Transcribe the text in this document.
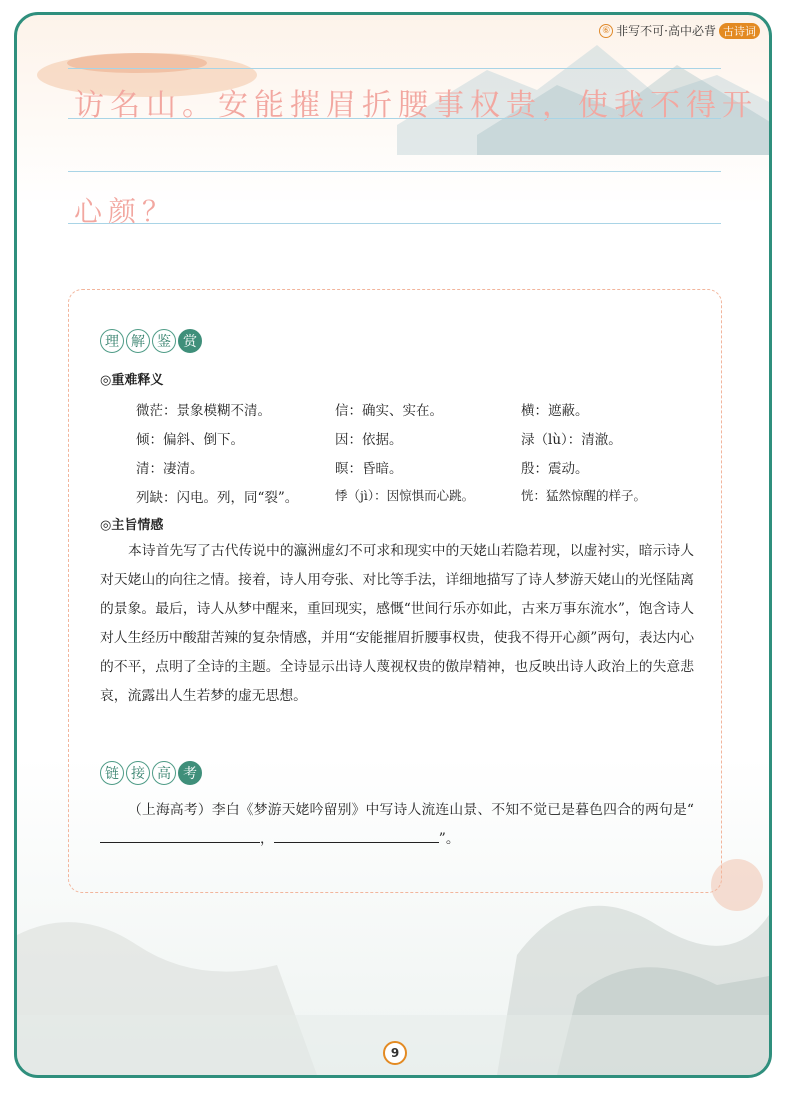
⑥ 非写不可·高中必背 古诗词
访名山。安能摧眉折腰事权贵，使我不得开
心颜？
理 解 鉴 赏
◎重难释义
微茫：景象模糊不清。	信：确实、实在。	横：遮蔽。
倾：偏斜、倒下。	因：依据。	渌（lù）：清澈。
清：凄清。	暝：昏暗。	殷：震动。
列缺：闪电。列，同“裂”。	悸（jì）：因惊惧而心跳。	恍：猛然惊醒的样子。
◎主旨情感
本诗首先写了古代传说中的瀛洲虚幻不可求和现实中的天姥山若隐若现，以虚衬实，暗示诗人对天姥山的向往之情。接着，诗人用夸张、对比等手法，详细地描写了诗人梦游天姥山的光怪陆离的景象。最后，诗人从梦中醒来，重回现实，感慨“世间行乐亦如此，古来万事东流水”，饱含诗人对人生经历中酸甜苦辣的复杂情感，并用“安能摧眉折腰事权贵，使我不得开心颜”两句，表达内心的不平，点明了全诗的主题。全诗显示出诗人蔑视权贵的傲岸精神，也反映出诗人政治上的失意悲哀，流露出人生若梦的虚无思想。
链 接 高 考
（上海高考）李白《梦游天姥吟留别》中写诗人流连山景、不知不觉已是暮色四合的两句是“，	”。
9
